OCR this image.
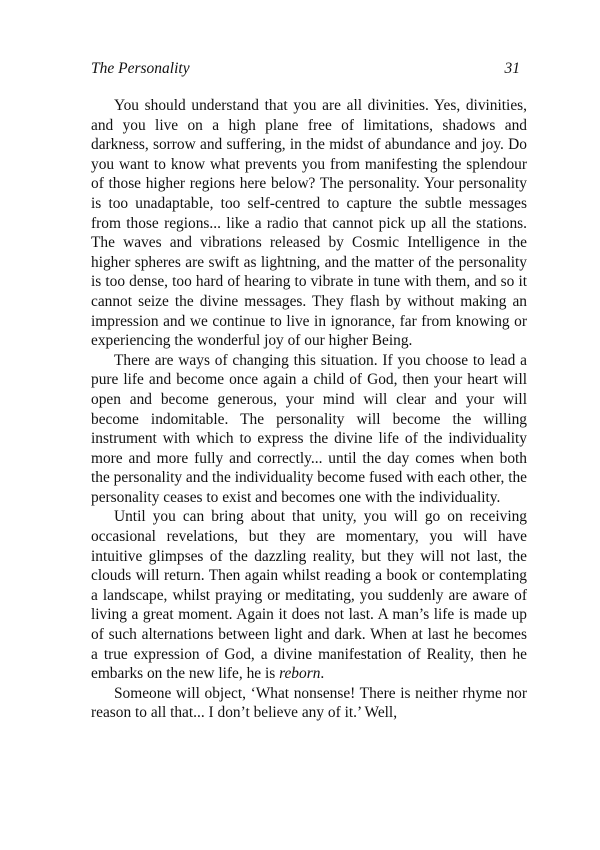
The Personality	31

You should understand that you are all divinities. Yes, divinities, and you live on a high plane free of limitations, shadows and darkness, sorrow and suffering, in the midst of abundance and joy. Do you want to know what prevents you from manifesting the splendour of those higher regions here below? The personality. Your personality is too unadaptable, too self-centred to capture the subtle messages from those regions... like a radio that cannot pick up all the stations. The waves and vibrations released by Cosmic Intelligence in the higher spheres are swift as lightning, and the matter of the personality is too dense, too hard of hearing to vibrate in tune with them, and so it cannot seize the divine messages. They flash by without making an impression and we continue to live in ignorance, far from knowing or experiencing the wonderful joy of our higher Being.

There are ways of changing this situation. If you choose to lead a pure life and become once again a child of God, then your heart will open and become generous, your mind will clear and your will become indomitable. The personality will become the willing instrument with which to express the divine life of the individuality more and more fully and correctly... until the day comes when both the personality and the individuality become fused with each other, the personality ceases to exist and becomes one with the individuality.

Until you can bring about that unity, you will go on receiving occasional revelations, but they are momentary, you will have intuitive glimpses of the dazzling reality, but they will not last, the clouds will return. Then again whilst reading a book or contemplating a landscape, whilst praying or meditating, you suddenly are aware of living a great moment. Again it does not last. A man’s life is made up of such alternations between light and dark. When at last he becomes a true expression of God, a divine manifestation of Reality, then he embarks on the new life, he is reborn.

Someone will object, ‘What nonsense! There is neither rhyme nor reason to all that... I don’t believe any of it.’ Well,
